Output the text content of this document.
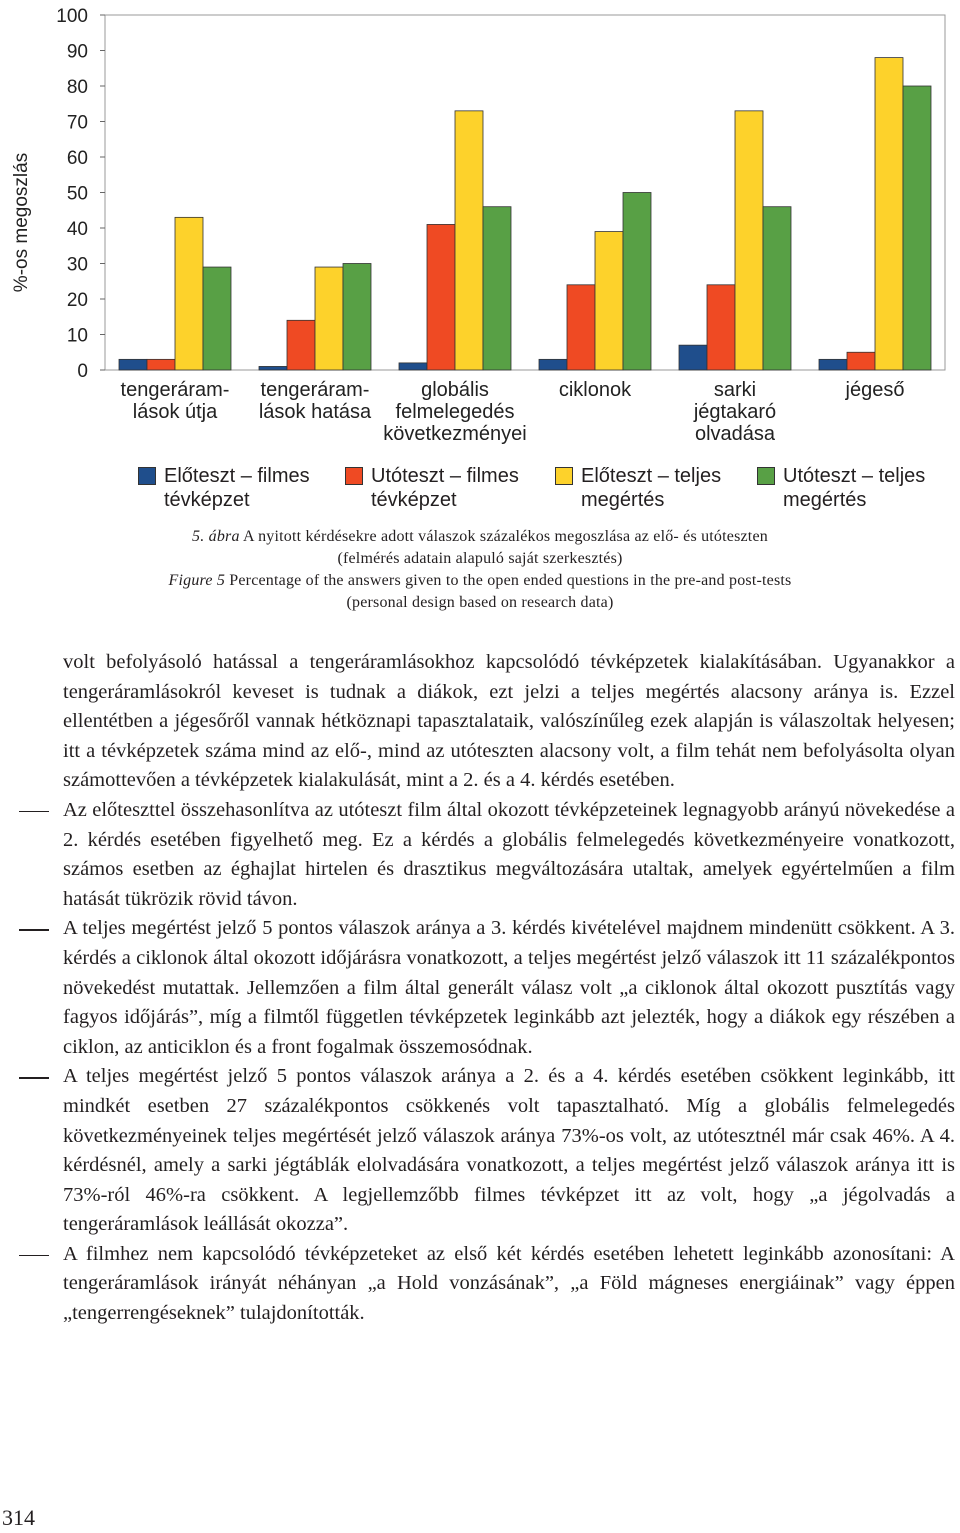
0
10
20
30
40
50
60
70
80
90
100
%-os megoszlás
tengeráram-
lások útja
tengeráram-
lások hatása
globális
felmelegedés
következményei
ciklonok	sarki
jégtakaró
olvadása
jégeső
Előteszt – filmes
tévképzet
Utóteszt – filmes
tévképzet
Előteszt – teljes
megértés
Utóteszt – teljes
megértés

5. ábra A nyitott kérdésekre adott válaszok százalékos megoszlása az elő- és utóteszten

(felmérés adatain alapuló saját szerkesztés)

Figure 5 Percentage of the answers given to the open ended questions in the pre-and post-tests

(personal design based on research data)

volt befolyásoló hatással a tengeráramlásokhoz kapcsolódó tévképzetek kialakításában. Ugyanakkor a tengeráramlásokról keveset is tudnak a diákok, ezt jelzi a teljes megértés alacsony aránya is. Ezzel ellentétben a jégesőről vannak hétköznapi tapasztalataik, valószínűleg ezek alapján is válaszoltak helyesen; itt a tévképzetek száma mind az elő-, mind az utóteszten alacsony volt, a film tehát nem befolyásolta olyan számottevően a tévképzetek kialakulását, mint a 2. és a 4. kérdés esetében.

Az előteszttel összehasonlítva az utóteszt film által okozott tévképzeteinek legnagyobb arányú növekedése a 2. kérdés esetében figyelhető meg. Ez a kérdés a globális felmelegedés következményeire vonatkozott, számos esetben az éghajlat hirtelen és drasztikus megváltozására utaltak, amelyek egyértelműen a film hatását tükrözik rövid távon.

A teljes megértést jelző 5 pontos válaszok aránya a 3. kérdés kivételével majdnem mindenütt csökkent. A 3. kérdés a ciklonok által okozott időjárásra vonatkozott, a teljes megértést jelző válaszok itt 11 százalékpontos növekedést mutattak. Jellemzően a film által generált válasz volt „a ciklonok által okozott pusztítás vagy fagyos időjárás”, míg a filmtől független tévképzetek leginkább azt jelezték, hogy a diákok egy részében a ciklon, az anticiklon és a front fogalmak összemosódnak.

A teljes megértést jelző 5 pontos válaszok aránya a 2. és a 4. kérdés esetében csökkent leginkább, itt mindkét esetben 27 százalékpontos csökkenés volt tapasztalható. Míg a globális felmelegedés következményeinek teljes megértését jelző válaszok aránya 73%-os volt, az utótesztnél már csak 46%. A 4. kérdésnél, amely a sarki jégtáblák elolvadására vonatkozott, a teljes megértést jelző válaszok aránya itt is 73%-ról 46%-ra csökkent. A legjellemzőbb filmes tévképzet itt az volt, hogy „a jégolvadás a tengeráramlások leállását okozza”.

A filmhez nem kapcsolódó tévképzeteket az első két kérdés esetében lehetett leginkább azonosítani: A tengeráramlások irányát néhányan „a Hold vonzásának”, „a Föld mágneses energiáinak” vagy éppen „tengerrengéseknek” tulajdonították.

314
